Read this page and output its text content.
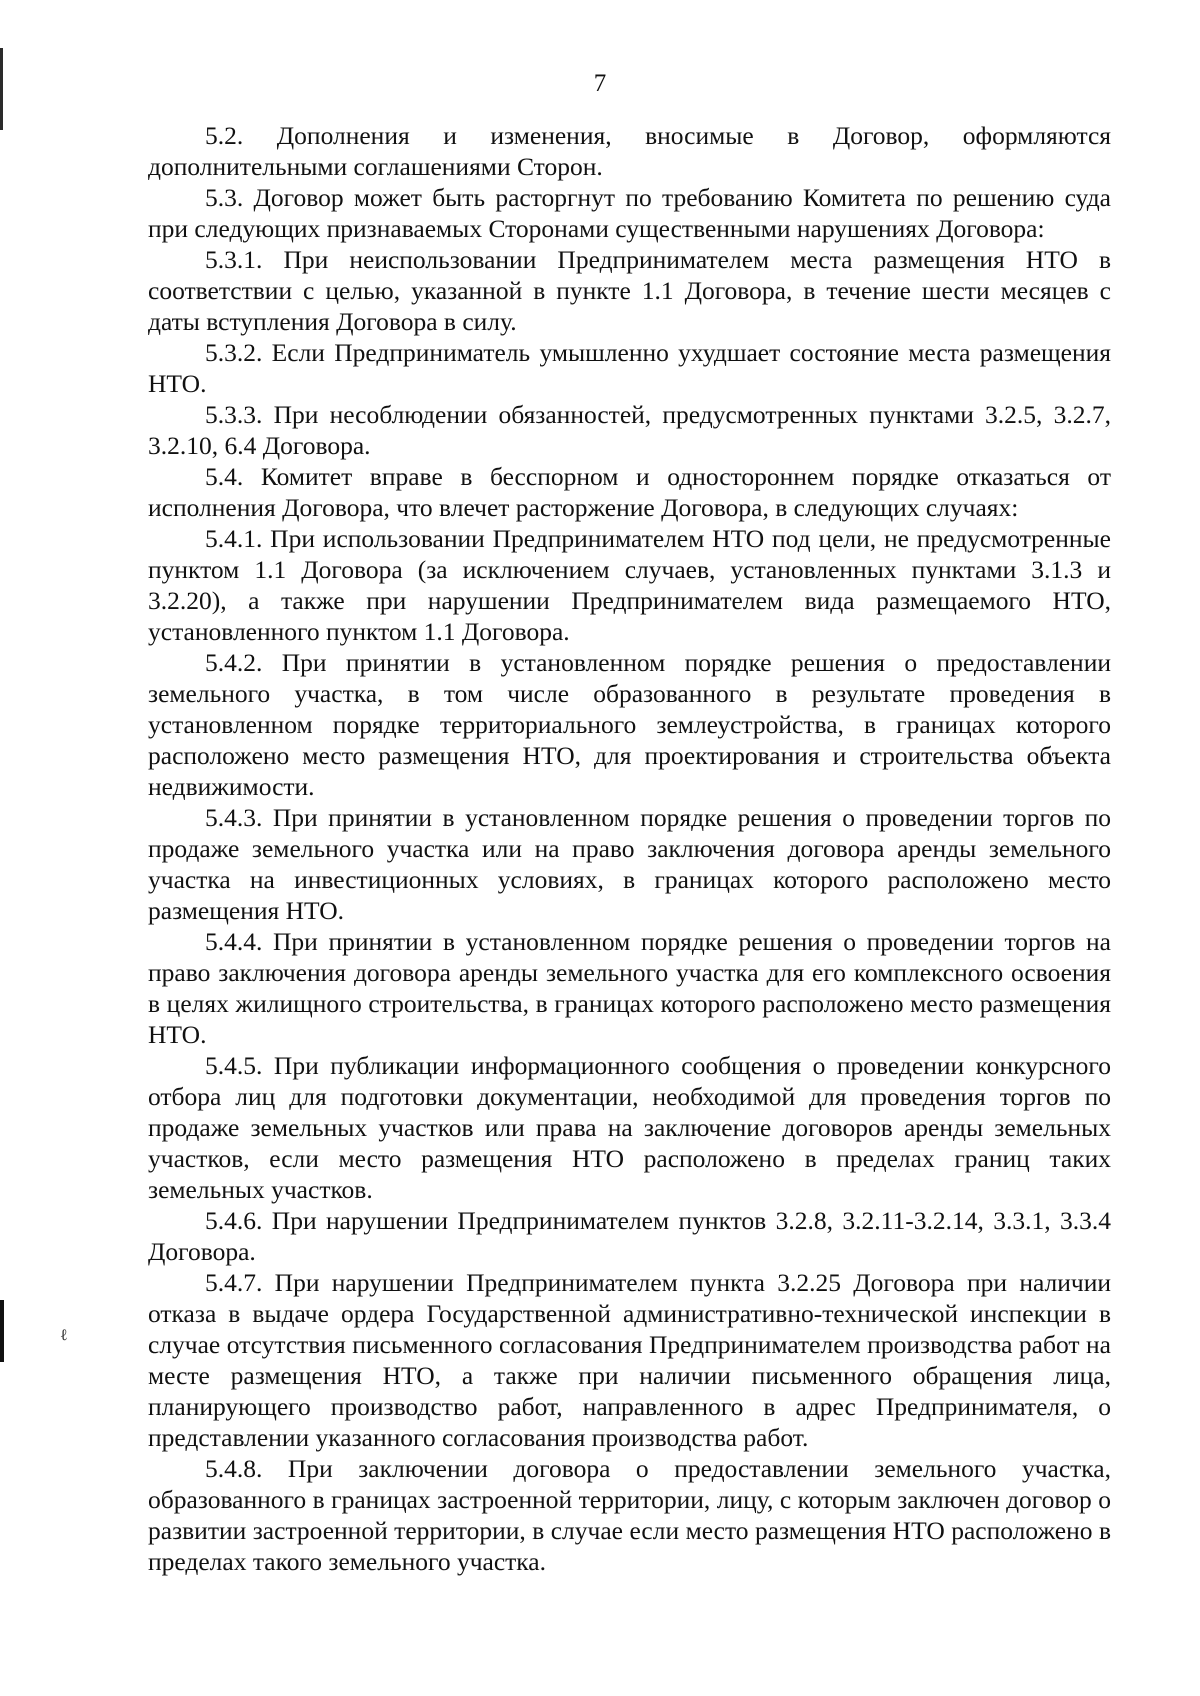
ℓ
7

5.2. Дополнения и изменения, вносимые в Договор, оформляются дополнительными соглашениями Сторон.

5.3. Договор может быть расторгнут по требованию Комитета по решению суда при следующих признаваемых Сторонами существенными нарушениях Договора:

5.3.1. При неиспользовании Предпринимателем места размещения НТО в соответствии с целью, указанной в пункте 1.1 Договора, в течение шести месяцев с даты вступления Договора в силу.

5.3.2. Если Предприниматель умышленно ухудшает состояние места размещения НТО.

5.3.3. При несоблюдении обязанностей, предусмотренных пунктами 3.2.5, 3.2.7, 3.2.10, 6.4 Договора.

5.4. Комитет вправе в бесспорном и одностороннем порядке отказаться от исполнения Договора, что влечет расторжение Договора, в следующих случаях:

5.4.1. При использовании Предпринимателем НТО под цели, не предусмотренные пунктом 1.1 Договора (за исключением случаев, установленных пунктами 3.1.3 и 3.2.20), а также при нарушении Предпринимателем вида размещаемого НТО, установленного пунктом 1.1 Договора.

5.4.2. При принятии в установленном порядке решения о предоставлении земельного участка, в том числе образованного в результате проведения в установленном порядке территориального землеустройства, в границах которого расположено место размещения НТО, для проектирования и строительства объекта недвижимости.

5.4.3. При принятии в установленном порядке решения о проведении торгов по продаже земельного участка или на право заключения договора аренды земельного участка на инвестиционных условиях, в границах которого расположено место размещения НТО.

5.4.4. При принятии в установленном порядке решения о проведении торгов на право заключения договора аренды земельного участка для его комплексного освоения в целях жилищного строительства, в границах которого расположено место размещения НТО.

5.4.5. При публикации информационного сообщения о проведении конкурсного отбора лиц для подготовки документации, необходимой для проведения торгов по продаже земельных участков или права на заключение договоров аренды земельных участков, если место размещения НТО расположено в пределах границ таких земельных участков.

5.4.6. При нарушении Предпринимателем пунктов 3.2.8, 3.2.11-3.2.14, 3.3.1, 3.3.4 Договора.

5.4.7. При нарушении Предпринимателем пункта 3.2.25 Договора при наличии отказа в выдаче ордера Государственной административно-технической инспекции в случае отсутствия письменного согласования Предпринимателем производства работ на месте размещения НТО, а также при наличии письменного обращения лица, планирующего производство работ, направленного в адрес Предпринимателя, о представлении указанного согласования производства работ.

5.4.8. При заключении договора о предоставлении земельного участка, образованного в границах застроенной территории, лицу, с которым заключен договор о развитии застроенной территории, в случае если место размещения НТО расположено в пределах такого земельного участка.
